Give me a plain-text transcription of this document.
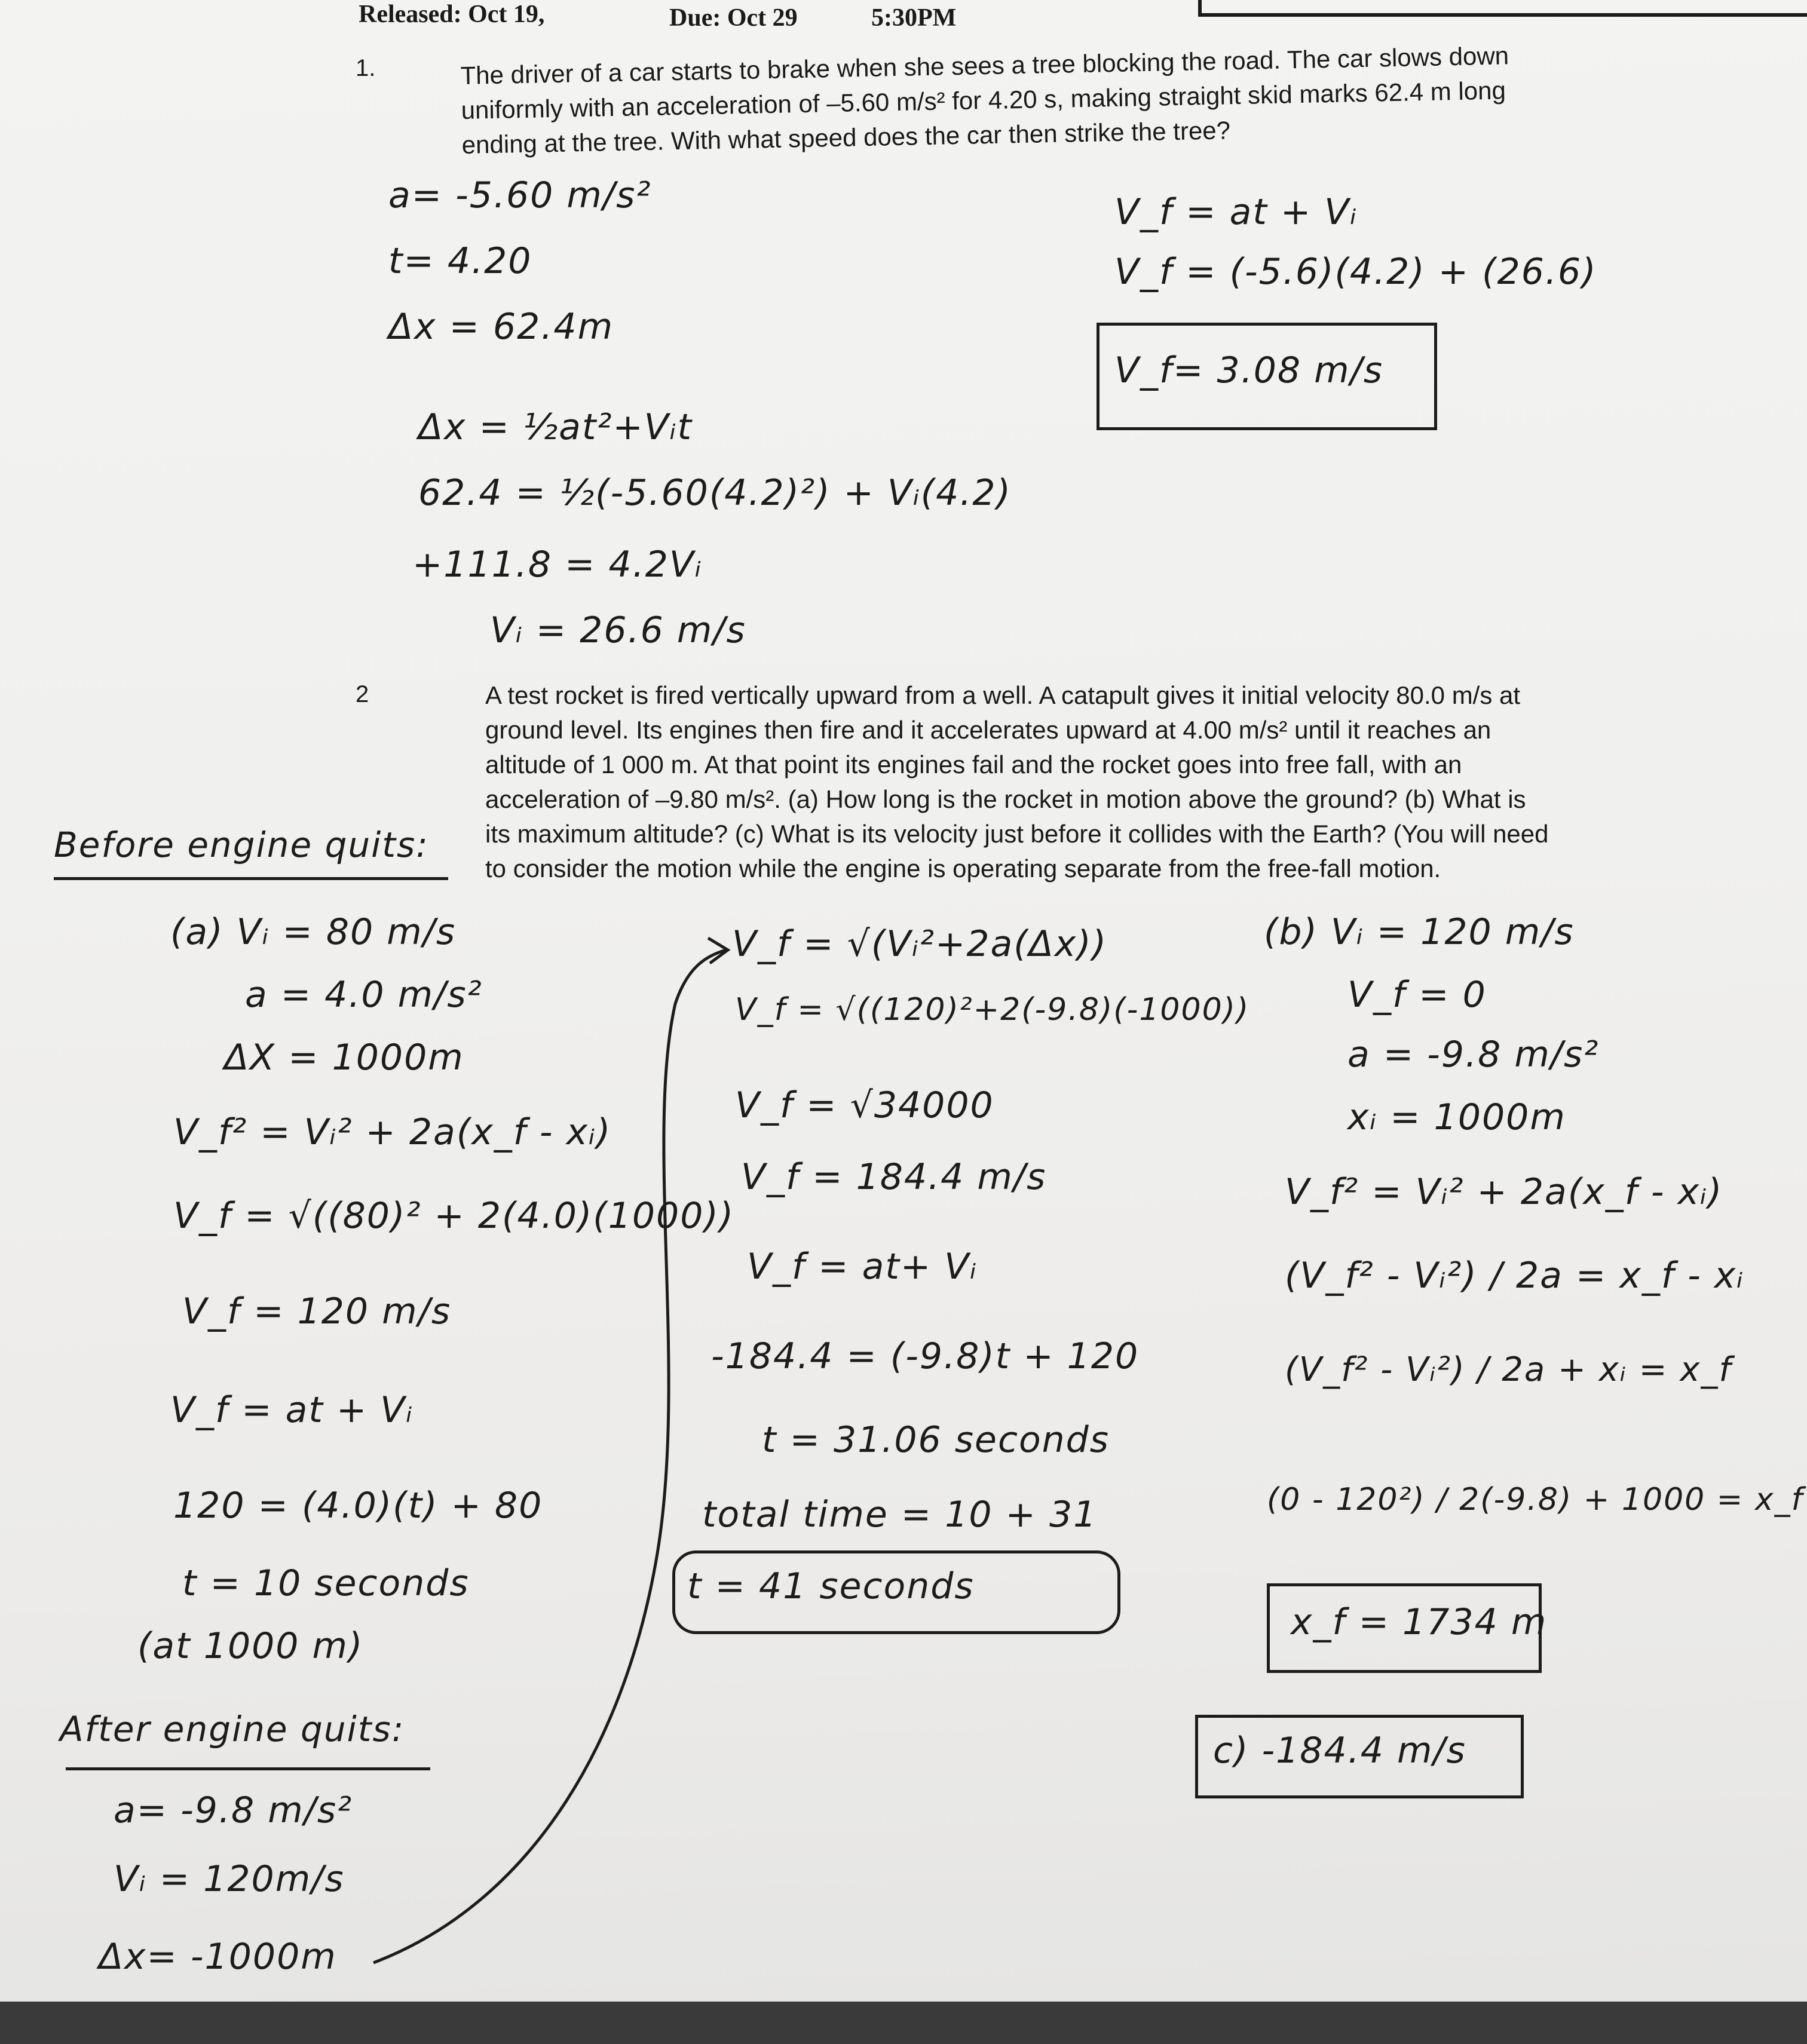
Released: Oct 19,	Due: Oct 29	5:30PM
1.	The driver of a car starts to brake when she sees a tree blocking the road. The car slows down
uniformly with an acceleration of –5.60 m/s² for 4.20 s, making straight skid marks 62.4 m long
ending at the tree. With what speed does the car then strike the tree?
a= -5.60 m/s²
t= 4.20
Δx = 62.4m
Δx = ½at²+Vᵢt
62.4 = ½(-5.60(4.2)²) + Vᵢ(4.2)
+111.8 = 4.2Vᵢ
Vᵢ = 26.6 m/s
V_f = at + Vᵢ
V_f = (-5.6)(4.2) + (26.6)
V_f= 3.08 m/s
2	A test rocket is fired vertically upward from a well. A catapult gives it initial velocity 80.0 m/s at
ground level. Its engines then fire and it accelerates upward at 4.00 m/s² until it reaches an
altitude of 1 000 m. At that point its engines fail and the rocket goes into free fall, with an
acceleration of –9.80 m/s². (a) How long is the rocket in motion above the ground? (b) What is
its maximum altitude? (c) What is its velocity just before it collides with the Earth? (You will need
to consider the motion while the engine is operating separate from the free-fall motion.
Before engine quits:
(a) Vᵢ = 80 m/s
a = 4.0 m/s²
ΔX = 1000m
V_f² = Vᵢ² + 2a(x_f - xᵢ)
V_f = √((80)² + 2(4.0)(1000))
V_f = 120 m/s
V_f = at + Vᵢ
120 = (4.0)(t) + 80
t = 10 seconds
(at 1000 m)
After engine quits:
a= -9.8 m/s²
Vᵢ = 120m/s
Δx= -1000m
V_f = √(Vᵢ²+2a(Δx))
V_f = √((120)²+2(-9.8)(-1000))
V_f = √34000
V_f = 184.4 m/s
V_f = at+ Vᵢ
-184.4 = (-9.8)t + 120
t = 31.06 seconds
total time = 10 + 31
t = 41 seconds
(b) Vᵢ = 120 m/s
V_f = 0
a = -9.8 m/s²
xᵢ = 1000m
V_f² = Vᵢ² + 2a(x_f - xᵢ)
(V_f² - Vᵢ²) / 2a = x_f - xᵢ
(V_f² - Vᵢ²) / 2a + xᵢ = x_f
(0 - 120²) / 2(-9.8) + 1000 = x_f
x_f = 1734 m
c) -184.4 m/s
